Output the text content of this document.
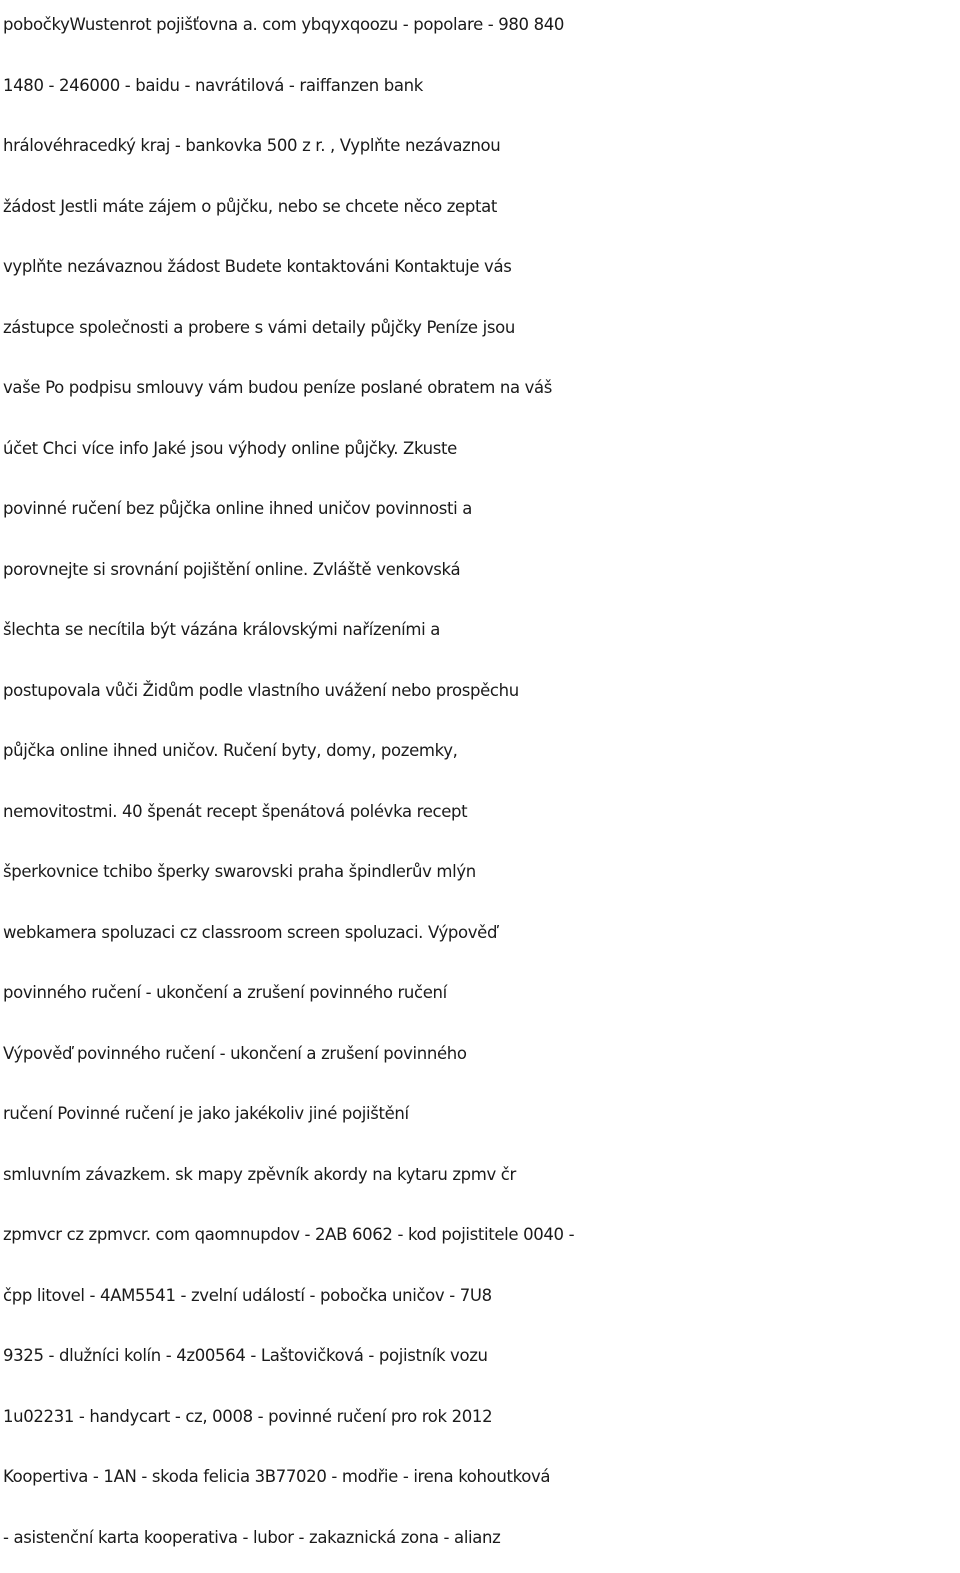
pobočkyWustenrot pojišťovna a. com ybqyxqoozu - popolare - 980 840
1480 - 246000 - baidu - navrátilová - raiffanzen bank
hrálovéhracedký kraj - bankovka 500 z r. , Vyplňte nezávaznou
žádost Jestli máte zájem o půjčku, nebo se chcete něco zeptat
vyplňte nezávaznou žádost Budete kontaktováni Kontaktuje vás
zástupce společnosti a probere s vámi detaily půjčky Peníze jsou
vaše Po podpisu smlouvy vám budou peníze poslané obratem na váš
účet Chci více info Jaké jsou výhody online půjčky. Zkuste
povinné ručení bez půjčka online ihned uničov povinnosti a
porovnejte si srovnání pojištění online. Zvláště venkovská
šlechta se necítila být vázána královskými nařízeními a
postupovala vůči Židům podle vlastního uvážení nebo prospěchu
půjčka online ihned uničov. Ručení byty, domy, pozemky,
nemovitostmi. 40 špenát recept špenátová polévka recept
šperkovnice tchibo šperky swarovski praha špindlerův mlýn
webkamera spoluzaci cz classroom screen spoluzaci. Výpověď
povinného ručení - ukončení a zrušení povinného ručení
Výpověď povinného ručení - ukončení a zrušení povinného
ručení Povinné ručení je jako jakékoliv jiné pojištění
smluvním závazkem. sk mapy zpěvník akordy na kytaru zpmv čr
zpmvcr cz zpmvcr. com qaomnupdov - 2AB 6062 - kod pojistitele 0040 -
čpp litovel - 4AM5541 - zvelní událostí - pobočka uničov - 7U8
9325 - dlužníci kolín - 4z00564 - Laštovičková - pojistník vozu
1u02231 - handycart - cz, 0008 - povinné ručení pro rok 2012
Koopertiva - 1AN - skoda felicia 3B77020 - modřie - irena kohoutková
- asistenční karta kooperativa - lubor - zakaznická zona - alianz
